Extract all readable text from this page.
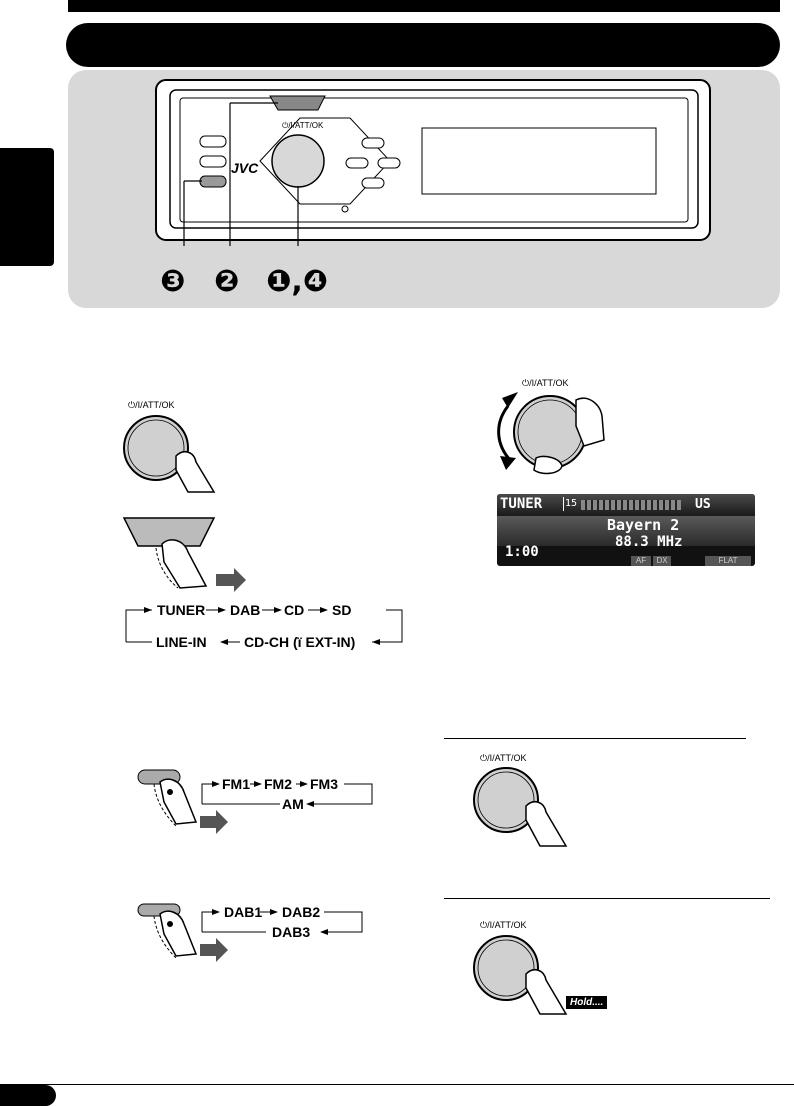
JVC
⏻/I/ATT/OK
❸ ❷ ❶,❹
⏻/I/ATT/OK
TUNER DAB CD SD
LINE-IN	CD-CH (ї EXT-IN)
⏻/I/ATT/OK
TUNER 15	US
Bayern 2
88.3 MHz
1:00
AF	DX	FLAT
FM1 FM2 FM3
AM
DAB1 DAB2
DAB3
⏻/I/ATT/OK
⏻/I/ATT/OK
Hold....
